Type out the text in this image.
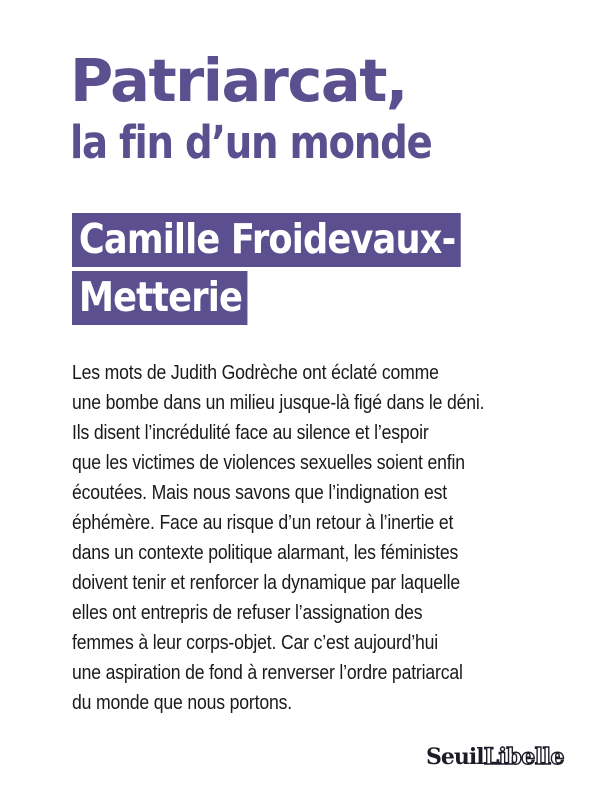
Patriarcat,
la fin d’un monde
Camille Froidevaux-
Metterie
Les mots de Judith Godrèche ont éclaté comme
une bombe dans un milieu jusque-là figé dans le déni.
Ils disent l’incrédulité face au silence et l’espoir
que les victimes de violences sexuelles soient enfin
écoutées. Mais nous savons que l’indignation est
éphémère. Face au risque d’un retour à l’inertie et
dans un contexte politique alarmant, les féministes
doivent tenir et renforcer la dynamique par laquelle
elles ont entrepris de refuser l’assignation des
femmes à leur corps-objet. Car c’est aujourd’hui
une aspiration de fond à renverser l’ordre patriarcal
du monde que nous portons.
SeuilLibelle
